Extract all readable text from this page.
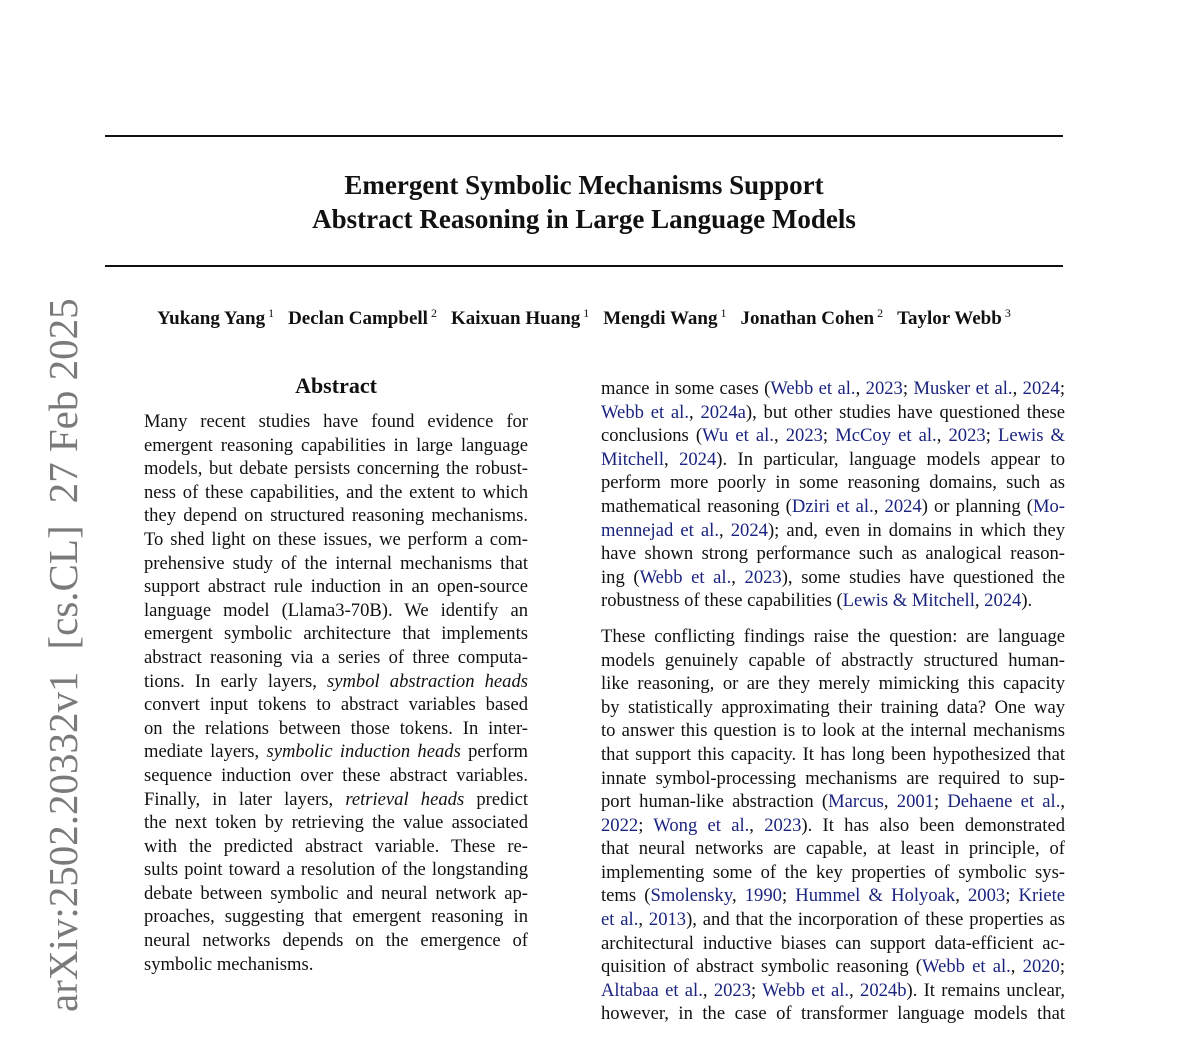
arXiv:2502.20332v1[cs.CL]27 Feb 2025
Emergent Symbolic Mechanisms Support
Abstract Reasoning in Large Language Models
Yukang Yang $^1$ Declan Campbell $^2$ Kaixuan Huang $^1$ Mengdi Wang $^1$ Jonathan Cohen $^2$ Taylor Webb $^3$
Abstract
Many recent studies have found evidence for
emergent reasoning capabilities in large language
models, but debate persists concerning the robust-
ness of these capabilities, and the extent to which
they depend on structured reasoning mechanisms.
To shed light on these issues, we perform a com-
prehensive study of the internal mechanisms that
support abstract rule induction in an open-source
language model (Llama3-70B). We identify an
emergent symbolic architecture that implements
abstract reasoning via a series of three computa-
tions. In early layers, symbol abstraction heads
convert input tokens to abstract variables based
on the relations between those tokens. In inter-
mediate layers, symbolic induction heads perform
sequence induction over these abstract variables.
Finally, in later layers, retrieval heads predict
the next token by retrieving the value associated
with the predicted abstract variable. These re-
sults point toward a resolution of the longstanding
debate between symbolic and neural network ap-
proaches, suggesting that emergent reasoning in
neural networks depends on the emergence of
symbolic mechanisms.

mance in some cases (Webb et al., 2023; Musker et al., 2024;
Webb et al., 2024a), but other studies have questioned these
conclusions (Wu et al., 2023; McCoy et al., 2023; Lewis &
Mitchell, 2024). In particular, language models appear to
perform more poorly in some reasoning domains, such as
mathematical reasoning (Dziri et al., 2024) or planning (Mo-
mennejad et al., 2024); and, even in domains in which they
have shown strong performance such as analogical reason-
ing (Webb et al., 2023), some studies have questioned the
robustness of these capabilities (Lewis & Mitchell, 2024).

These conflicting findings raise the question: are language
models genuinely capable of abstractly structured human-
like reasoning, or are they merely mimicking this capacity
by statistically approximating their training data? One way
to answer this question is to look at the internal mechanisms
that support this capacity. It has long been hypothesized that
innate symbol-processing mechanisms are required to sup-
port human-like abstraction (Marcus, 2001; Dehaene et al.,
2022; Wong et al., 2023). It has also been demonstrated
that neural networks are capable, at least in principle, of
implementing some of the key properties of symbolic sys-
tems (Smolensky, 1990; Hummel & Holyoak, 2003; Kriete
et al., 2013), and that the incorporation of these properties as
architectural inductive biases can support data-efficient ac-
quisition of abstract symbolic reasoning (Webb et al., 2020;
Altabaa et al., 2023; Webb et al., 2024b). It remains unclear,
however, in the case of transformer language models that
